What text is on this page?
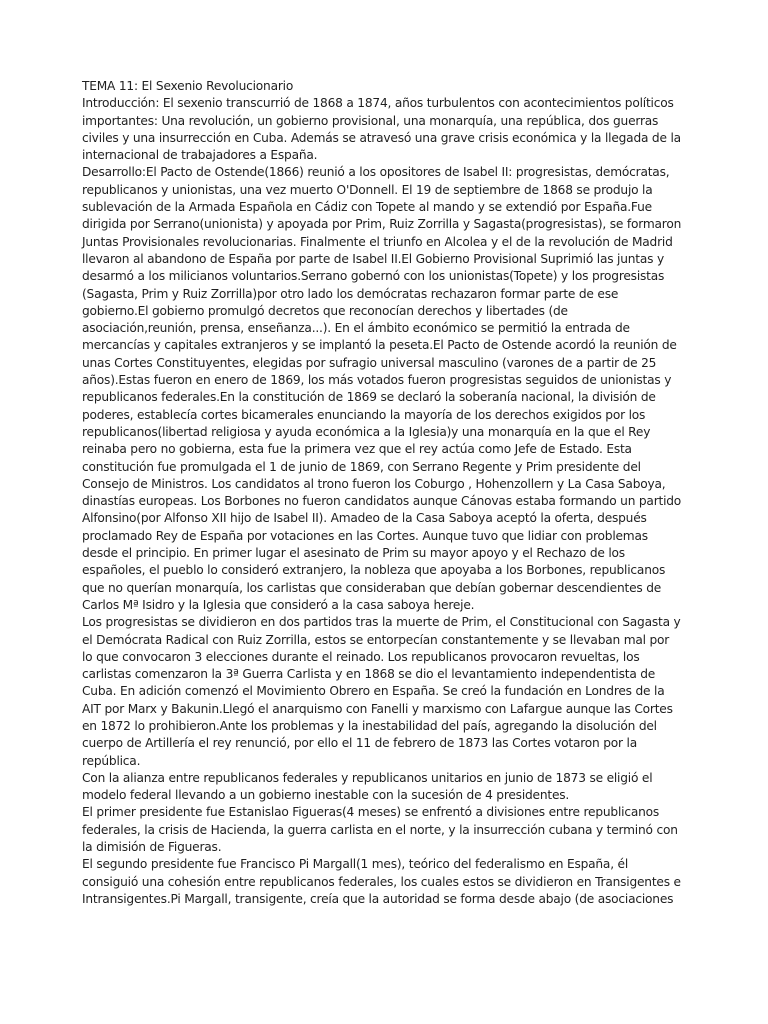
TEMA 11: El Sexenio Revolucionario

Introducción: El sexenio transcurrió de 1868 a 1874, años turbulentos con acontecimientos políticos importantes: Una revolución, un gobierno provisional, una monarquía, una república, dos guerras civiles y una insurrección en Cuba. Además se atravesó una grave crisis económica y la llegada de la internacional de trabajadores a España.

Desarrollo:El Pacto de Ostende(1866) reunió a los opositores de Isabel II: progresistas, demócratas, republicanos y unionistas, una vez muerto O'Donnell. El 19 de septiembre de 1868 se produjo la sublevación de la Armada Española en Cádiz con Topete al mando y se extendió por España.Fue dirigida por Serrano(unionista) y apoyada por Prim, Ruiz Zorrilla y Sagasta(progresistas), se formaron Juntas Provisionales revolucionarias. Finalmente el triunfo en Alcolea y el de la revolución de Madrid llevaron al abandono de España por parte de Isabel II.El Gobierno Provisional Suprimió las juntas y desarmó a los milicianos voluntarios.Serrano gobernó con los unionistas(Topete) y los progresistas (Sagasta, Prim y Ruiz Zorrilla)por otro lado los demócratas rechazaron formar parte de ese gobierno.El gobierno promulgó decretos que reconocían derechos y libertades (de asociación,reunión, prensa, enseñanza...). En el ámbito económico se permitió la entrada de mercancías y capitales extranjeros y se implantó la peseta.El Pacto de Ostende acordó la reunión de unas Cortes Constituyentes, elegidas por sufragio universal masculino (varones de a partir de 25 años).Estas fueron en enero de 1869, los más votados fueron progresistas seguidos de unionistas y republicanos federales.En la constitución de 1869 se declaró la soberanía nacional, la división de poderes, establecía cortes bicamerales enunciando la mayoría de los derechos exigidos por los republicanos(libertad religiosa y ayuda económica a la Iglesia)y una monarquía en la que el Rey reinaba pero no gobierna, esta fue la primera vez que el rey actúa como Jefe de Estado. Esta constitución fue promulgada el 1 de junio de 1869, con Serrano Regente y Prim presidente del Consejo de Ministros. Los candidatos al trono fueron los Coburgo , Hohenzollern y La Casa Saboya, dinastías europeas. Los Borbones no fueron candidatos aunque Cánovas estaba formando un partido Alfonsino(por Alfonso XII hijo de Isabel II). Amadeo de la Casa Saboya aceptó la oferta, después proclamado Rey de España por votaciones en las Cortes. Aunque tuvo que lidiar con problemas desde el principio. En primer lugar el asesinato de Prim su mayor apoyo y el Rechazo de los españoles, el pueblo lo consideró extranjero, la nobleza que apoyaba a los Borbones, republicanos que no querían monarquía, los carlistas que consideraban que debían gobernar descendientes de Carlos Mª Isidro y la Iglesia que consideró a la casa saboya hereje.

Los progresistas se dividieron en dos partidos tras la muerte de Prim, el Constitucional con Sagasta y el Demócrata Radical con Ruiz Zorrilla, estos se entorpecían constantemente y se llevaban mal por lo que convocaron 3 elecciones durante el reinado. Los republicanos provocaron revueltas, los carlistas comenzaron la 3ª Guerra Carlista y en 1868 se dio el levantamiento independentista de Cuba. En adición comenzó el Movimiento Obrero en España. Se creó la fundación en Londres de la AIT por Marx y Bakunin.Llegó el anarquismo con Fanelli y marxismo con Lafargue aunque las Cortes en 1872 lo prohibieron.Ante los problemas y la inestabilidad del país, agregando la disolución del cuerpo de Artillería el rey renunció, por ello el 11 de febrero de 1873 las Cortes votaron por la república.

Con la alianza entre republicanos federales y republicanos unitarios en junio de 1873 se eligió el modelo federal llevando a un gobierno inestable con la sucesión de 4 presidentes.

El primer presidente fue Estanislao Figueras(4 meses) se enfrentó a divisiones entre republicanos federales, la crisis de Hacienda, la guerra carlista en el norte, y la insurrección cubana y terminó con la dimisión de Figueras.

El segundo presidente fue Francisco Pi Margall(1 mes), teórico del federalismo en España, él consiguió una cohesión entre republicanos federales, los cuales estos se dividieron en Transigentes e Intransigentes.Pi Margall, transigente, creía que la autoridad se forma desde abajo (de asociaciones
